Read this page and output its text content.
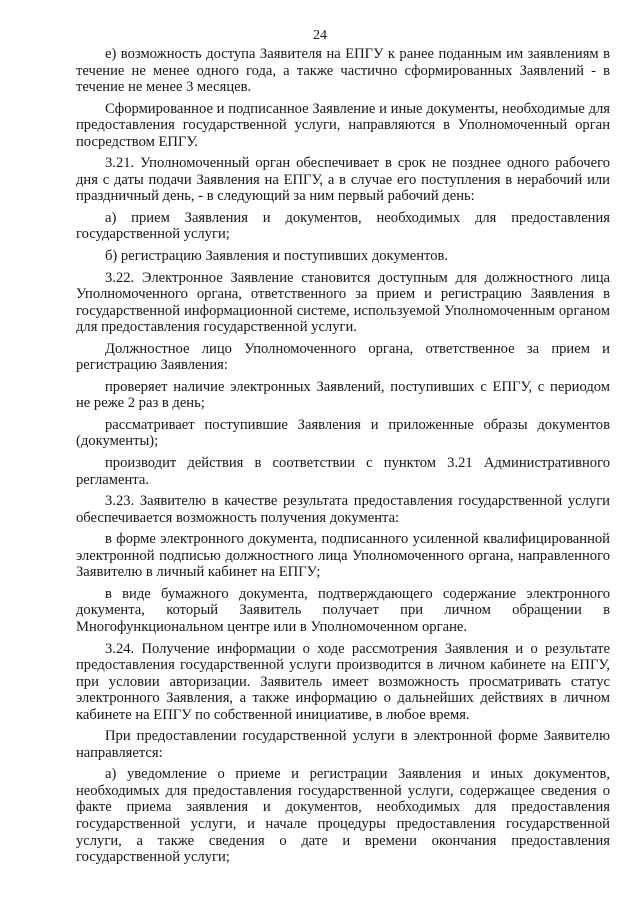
24

е) возможность доступа Заявителя на ЕПГУ к ранее поданным им заявлениям в течение не менее одного года, а также частично сформированных Заявлений - в течение не менее 3 месяцев.

Сформированное и подписанное Заявление и иные документы, необходимые для предоставления государственной услуги, направляются в Уполномоченный орган посредством ЕПГУ.

3.21. Уполномоченный орган обеспечивает в срок не позднее одного рабочего дня с даты подачи Заявления на ЕПГУ, а в случае его поступления в нерабочий или праздничный день, - в следующий за ним первый рабочий день:

а) прием Заявления и документов, необходимых для предоставления государственной услуги;

б) регистрацию Заявления и поступивших документов.

3.22. Электронное Заявление становится доступным для должностного лица Уполномоченного органа, ответственного за прием и регистрацию Заявления в государственной информационной системе, используемой Уполномоченным органом для предоставления государственной услуги.

Должностное лицо Уполномоченного органа, ответственное за прием и регистрацию Заявления:

проверяет наличие электронных Заявлений, поступивших с ЕПГУ, с периодом не реже 2 раз в день;

рассматривает поступившие Заявления и приложенные образы документов (документы);

производит действия в соответствии с пунктом 3.21 Административного регламента.

3.23. Заявителю в качестве результата предоставления государственной услуги обеспечивается возможность получения документа:

в форме электронного документа, подписанного усиленной квалифицированной электронной подписью должностного лица Уполномоченного органа, направленного Заявителю в личный кабинет на ЕПГУ;

в виде бумажного документа, подтверждающего содержание электронного документа, который Заявитель получает при личном обращении в Многофункциональном центре или в Уполномоченном органе.

3.24. Получение информации о ходе рассмотрения Заявления и о результате предоставления государственной услуги производится в личном кабинете на ЕПГУ, при условии авторизации. Заявитель имеет возможность просматривать статус электронного Заявления, а также информацию о дальнейших действиях в личном кабинете на ЕПГУ по собственной инициативе, в любое время.

При предоставлении государственной услуги в электронной форме Заявителю направляется:

а) уведомление о приеме и регистрации Заявления и иных документов, необходимых для предоставления государственной услуги, содержащее сведения о факте приема заявления и документов, необходимых для предоставления государственной услуги, и начале процедуры предоставления государственной услуги, а также сведения о дате и времени окончания предоставления государственной услуги;
